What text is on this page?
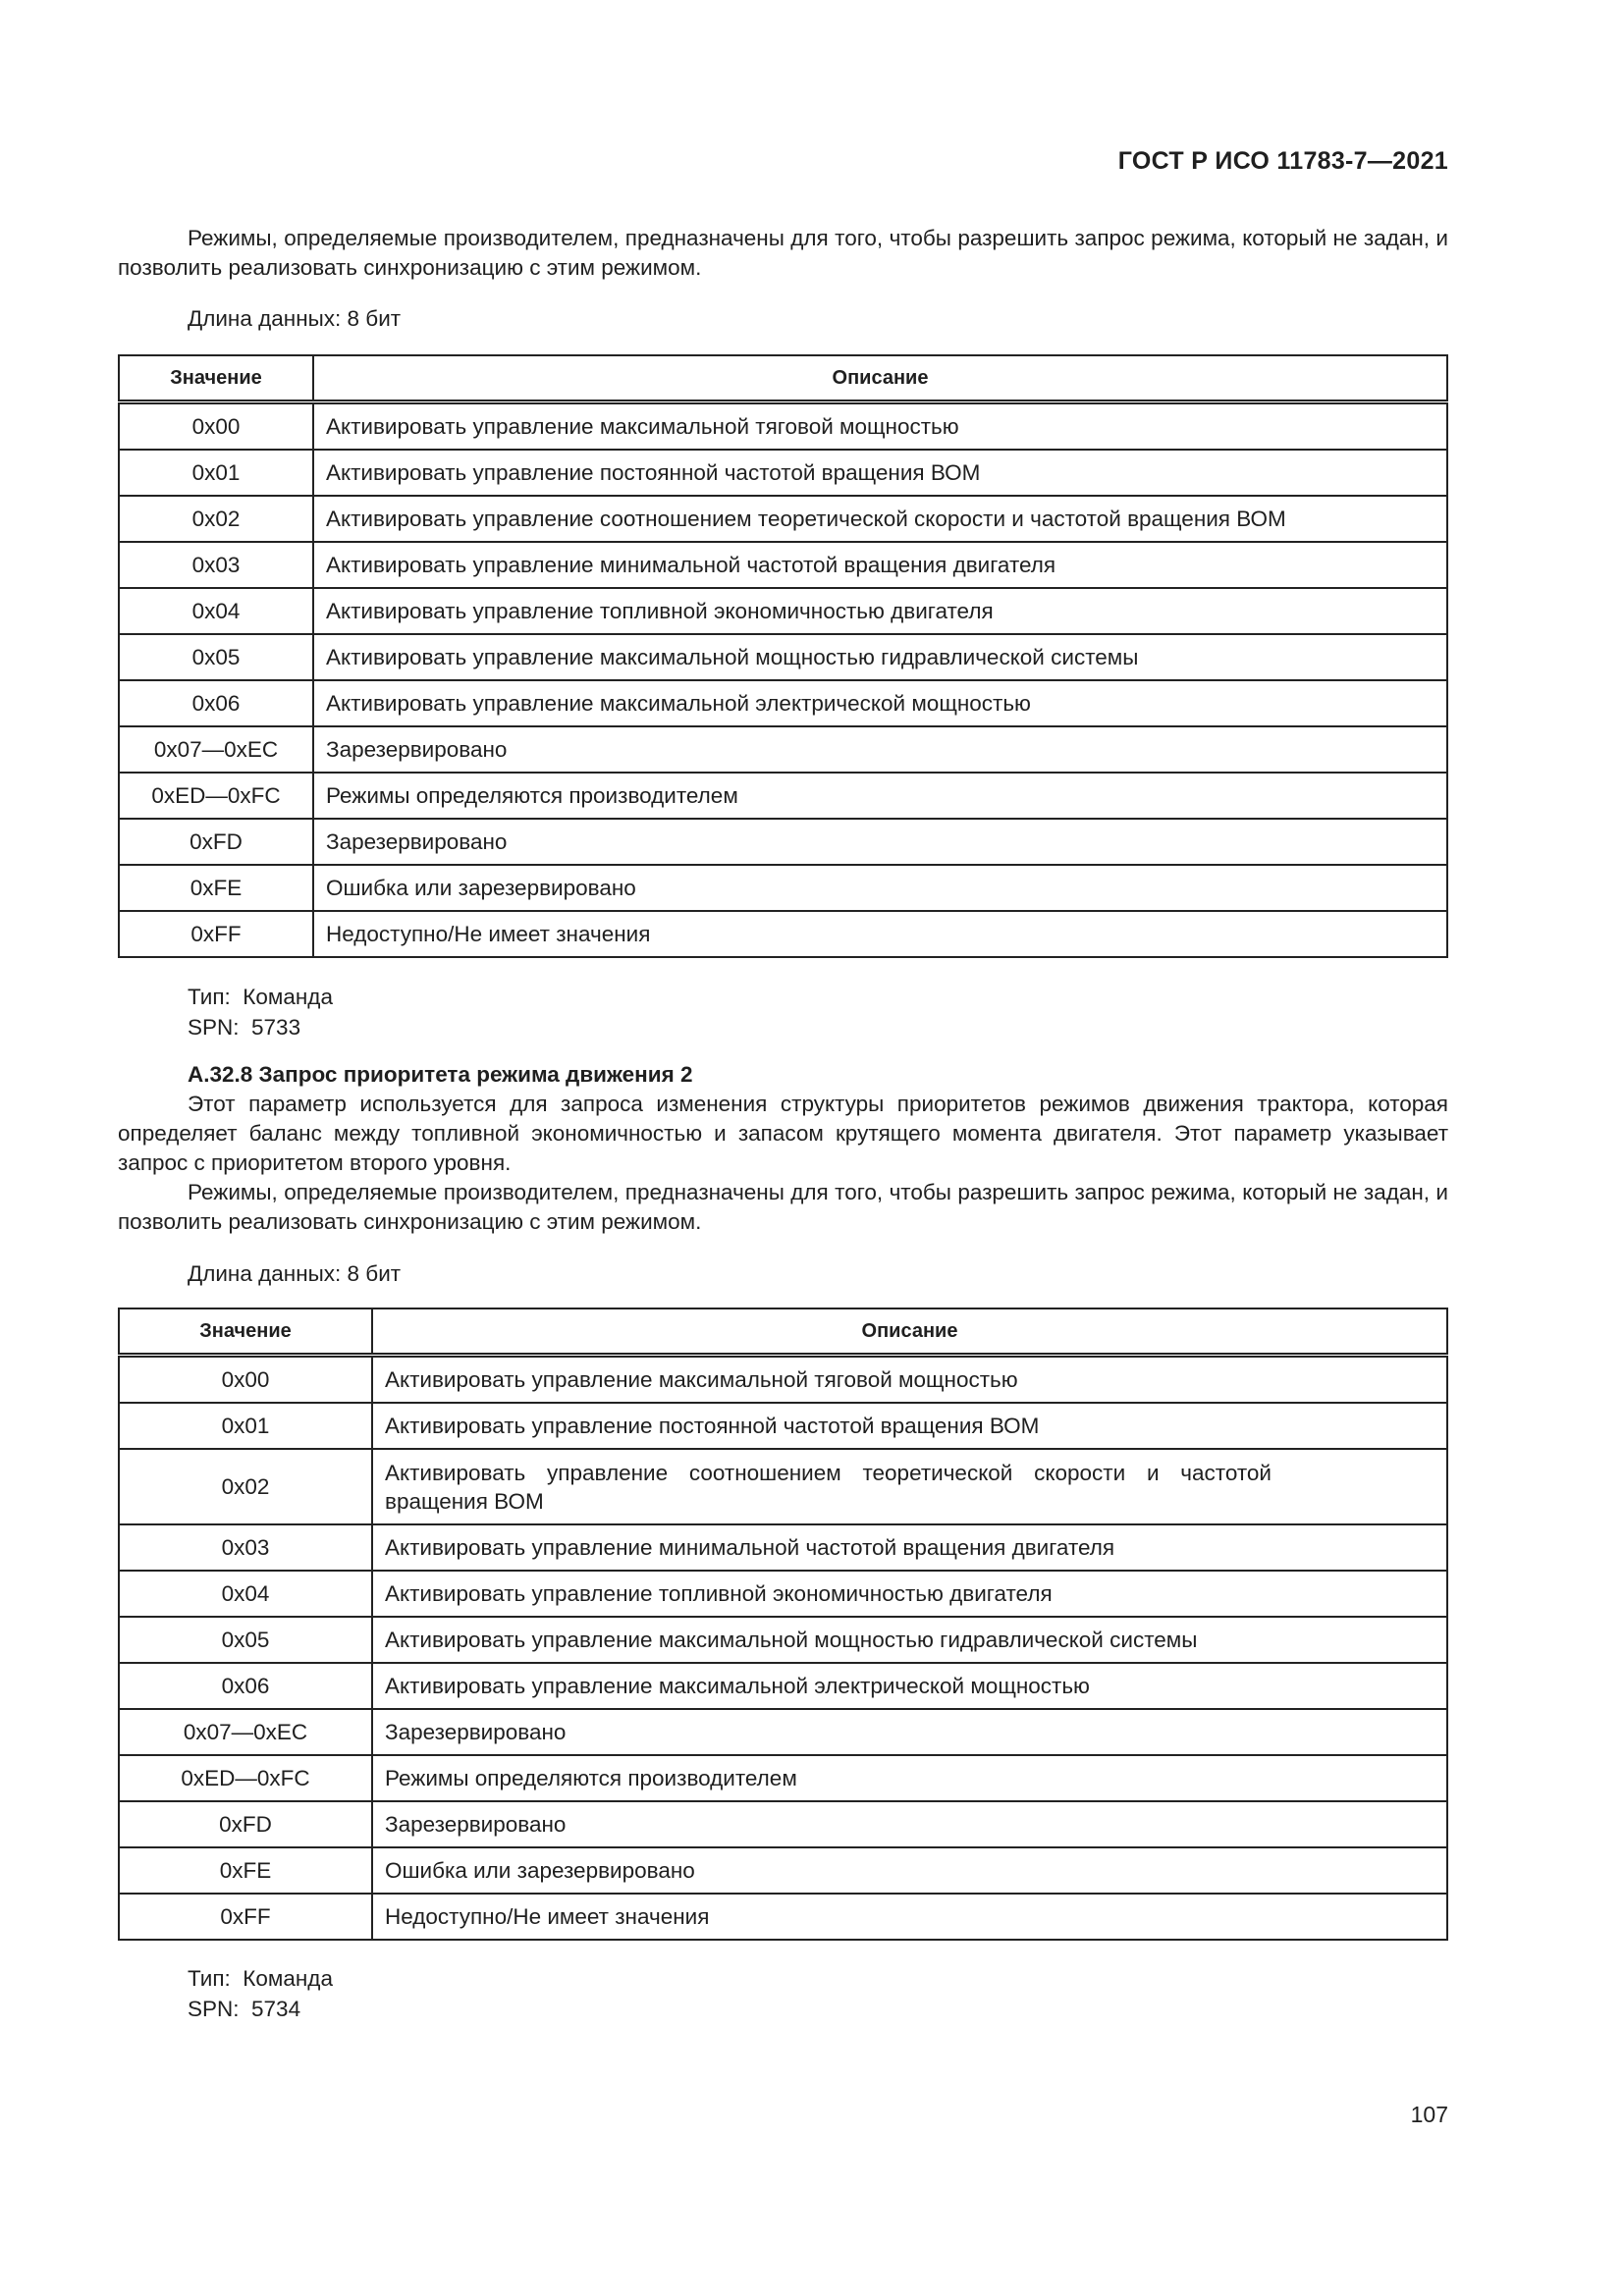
ГОСТ Р ИСО 11783-7—2021

Режимы, определяемые производителем, предназначены для того, чтобы разрешить запрос режима, который не задан, и позволить реализовать синхронизацию с этим режимом.

Длина данных: 8 бит

Значение	Описание
0x00	Активировать управление максимальной тяговой мощностью
0x01	Активировать управление постоянной частотой вращения ВОМ
0x02	Активировать управление соотношением теоретической скорости и частотой вращения ВОМ
0x03	Активировать управление минимальной частотой вращения двигателя
0x04	Активировать управление топливной экономичностью двигателя
0x05	Активировать управление максимальной мощностью гидравлической системы
0x06	Активировать управление максимальной электрической мощностью
0x07—0xEC	Зарезервировано
0xED—0xFC	Режимы определяются производителем
0xFD	Зарезервировано
0xFE	Ошибка или зарезервировано
0xFF	Недоступно/Не имеет значения
Тип: Команда
SPN: 5733

А.32.8 Запрос приоритета режима движения 2

Этот параметр используется для запроса изменения структуры приоритетов режимов движения трактора, которая определяет баланс между топливной экономичностью и запасом крутящего момента двигателя. Этот параметр указывает запрос с приоритетом второго уровня.

Режимы, определяемые производителем, предназначены для того, чтобы разрешить запрос режима, который не задан, и позволить реализовать синхронизацию с этим режимом.

Длина данных: 8 бит

Значение	Описание
0x00	Активировать управление максимальной тяговой мощностью
0x01	Активировать управление постоянной частотой вращения ВОМ
0x02	Активировать управление соотношением теоретической скорости и частотой вращения ВОМ
0x03	Активировать управление минимальной частотой вращения двигателя
0x04	Активировать управление топливной экономичностью двигателя
0x05	Активировать управление максимальной мощностью гидравлической системы
0x06	Активировать управление максимальной электрической мощностью
0x07—0xEC	Зарезервировано
0xED—0xFC	Режимы определяются производителем
0xFD	Зарезервировано
0xFE	Ошибка или зарезервировано
0xFF	Недоступно/Не имеет значения
Тип: Команда
SPN: 5734
107
